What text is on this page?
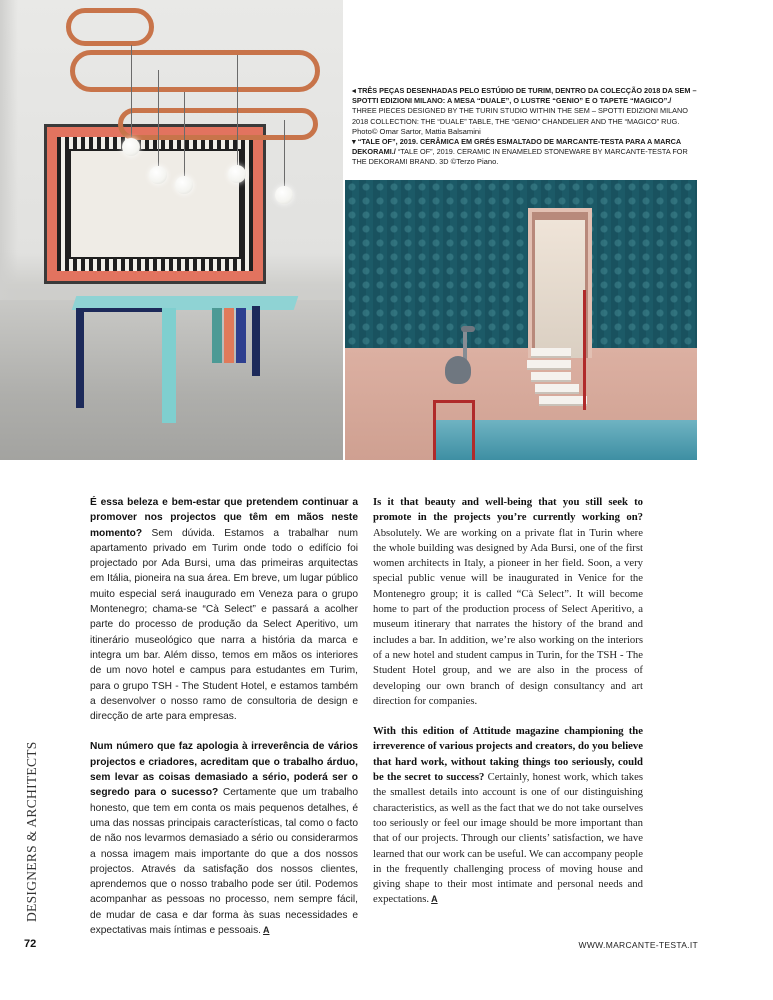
◂ TRÊS PEÇAS DESENHADAS PELO ESTÚDIO DE TURIM, DENTRO DA COLECÇÃO 2018 DA SEM – SPOTTI EDIZIONI MILANO: A MESA “DUALE”, O LUSTRE “GENIO” E O TAPETE “MAGICO”./ THREE PIECES DESIGNED BY THE TURIN STUDIO WITHIN THE SEM – SPOTTI EDIZIONI MILANO 2018 COLLECTION: THE “DUALE” TABLE, THE “GENIO” CHANDELIER AND THE “MAGICO” RUG. Photo© Omar Sartor, Mattia Balsamini
▾ “TALE OF”, 2019. CERÂMICA EM GRÉS ESMALTADO DE MARCANTE-TESTA PARA A MARCA DEKORAMI./ “TALE OF”, 2019. CERAMIC IN ENAMELED STONEWARE BY MARCANTE-TESTA FOR THE DEKORAMI BRAND. 3D ©Terzo Piano.

É essa beleza e bem-estar que pretendem continuar a promover nos projectos que têm em mãos neste momento? Sem dúvida. Estamos a trabalhar num apartamento privado em Turim onde todo o edifício foi projectado por Ada Bursi, uma das primeiras arquitectas em Itália, pioneira na sua área. Em breve, um lugar público muito especial será inaugurado em Veneza para o grupo Montenegro; chama-se “Cà Select” e passará a acolher parte do processo de produção da Select Aperitivo, um itinerário museológico que narra a história da marca e integra um bar. Além disso, temos em mãos os interiores de um novo hotel e campus para estudantes em Turim, para o grupo TSH - The Student Hotel, e estamos também a desenvolver o nosso ramo de consultoria de design e direcção de arte para empresas.

Num número que faz apologia à irreverência de vários projectos e criadores, acreditam que o trabalho árduo, sem levar as coisas demasiado a sério, poderá ser o segredo para o sucesso? Certamente que um trabalho honesto, que tem em conta os mais pequenos detalhes, é uma das nossas principais características, tal como o facto de não nos levarmos demasiado a sério ou considerarmos a nossa imagem mais importante do que a dos nossos projectos. Através da satisfação dos nossos clientes, aprendemos que o nosso trabalho pode ser útil. Podemos acompanhar as pessoas no processo, nem sempre fácil, de mudar de casa e dar forma às suas necessidades e expectativas mais íntimas e pessoais. A

Is it that beauty and well-being that you still seek to promote in the projects you’re currently working on? Absolutely. We are working on a private flat in Turin where the whole building was designed by Ada Bursi, one of the first women architects in Italy, a pioneer in her field. Soon, a very special public venue will be inaugurated in Venice for the Montenegro group; it is called “Cà Select”. It will become home to part of the production process of Select Aperitivo, a museum itinerary that narrates the history of the brand and includes a bar. In addition, we’re also working on the interiors of a new hotel and student campus in Turin, for the TSH - The Student Hotel group, and we are also in the process of developing our own branch of design consultancy and art direction for companies.

With this edition of Attitude magazine championing the irreverence of various projects and creators, do you believe that hard work, without taking things too seriously, could be the secret to success? Certainly, honest work, which takes the smallest details into account is one of our distinguishing characteristics, as well as the fact that we do not take ourselves too seriously or feel our image should be more important than that of our projects. Through our clients’ satisfaction, we have learned that our work can be useful. We can accompany people in the frequently challenging process of moving house and giving shape to their most intimate and personal needs and expectations. A

DESIGNERS & ARCHITECTS
72	WWW.MARCANTE-TESTA.IT
